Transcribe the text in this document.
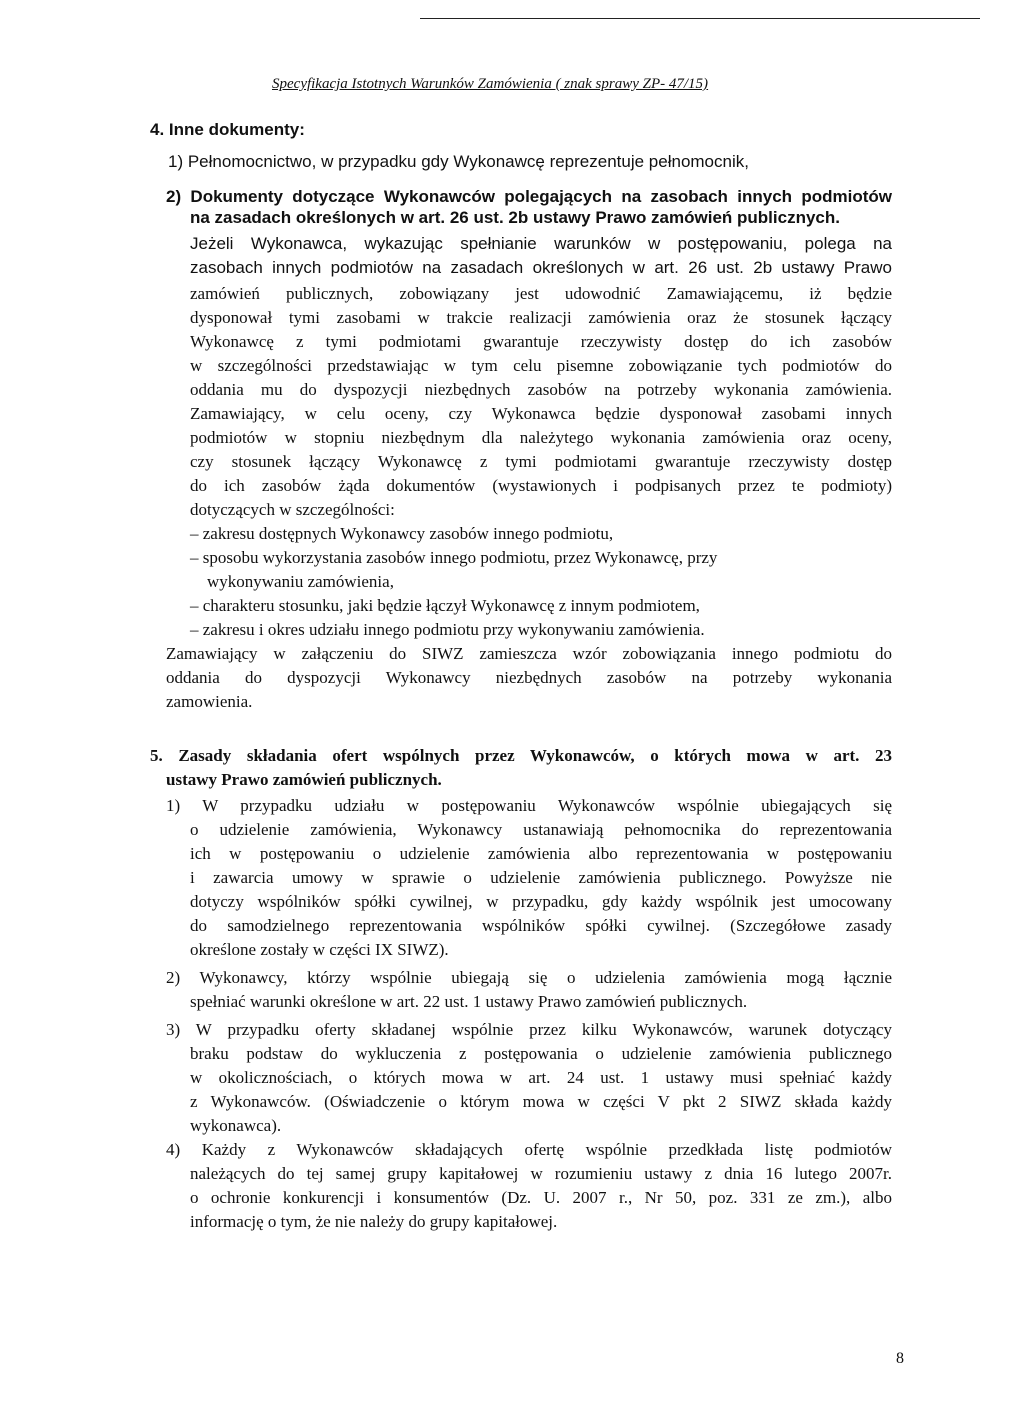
Specyfikacja Istotnych Warunków Zamówienia ( znak sprawy ZP- 47/15)
4. Inne dokumenty:
1) Pełnomocnictwo, w przypadku gdy Wykonawcę reprezentuje pełnomocnik,
2) Dokumenty dotyczące Wykonawców polegających na zasobach innych podmiotów
na zasadach określonych w art. 26 ust. 2b ustawy Prawo zamówień publicznych.
Jeżeli Wykonawca, wykazując spełnianie warunków w postępowaniu, polega na
zasobach innych podmiotów na zasadach określonych w art. 26 ust. 2b ustawy Prawo
zamówień publicznych, zobowiązany jest udowodnić Zamawiającemu, iż będzie
dysponował tymi zasobami w trakcie realizacji zamówienia oraz że stosunek łączący
Wykonawcę z tymi podmiotami gwarantuje rzeczywisty dostęp do ich zasobów
w szczególności przedstawiając w tym celu pisemne zobowiązanie tych podmiotów do
oddania mu do dyspozycji niezbędnych zasobów na potrzeby wykonania zamówienia.
Zamawiający, w celu oceny, czy Wykonawca będzie dysponował zasobami innych
podmiotów w stopniu niezbędnym dla należytego wykonania zamówienia oraz oceny,
czy stosunek łączący Wykonawcę z tymi podmiotami gwarantuje rzeczywisty dostęp
do ich zasobów żąda dokumentów (wystawionych i podpisanych przez te podmioty)
dotyczących w szczególności:
– zakresu dostępnych Wykonawcy zasobów innego podmiotu,
– sposobu wykorzystania zasobów innego podmiotu, przez Wykonawcę, przy
wykonywaniu zamówienia,
– charakteru stosunku, jaki będzie łączył Wykonawcę z innym podmiotem,
– zakresu i okres udziału innego podmiotu przy wykonywaniu zamówienia.
Zamawiający w załączeniu do SIWZ zamieszcza wzór zobowiązania innego podmiotu do
oddania do dyspozycji Wykonawcy niezbędnych zasobów na potrzeby wykonania
zamowienia.
5. Zasady składania ofert wspólnych przez Wykonawców, o których mowa w art. 23
ustawy Prawo zamówień publicznych.
1) W przypadku udziału w postępowaniu Wykonawców wspólnie ubiegających się
o udzielenie zamówienia, Wykonawcy ustanawiają pełnomocnika do reprezentowania
ich w postępowaniu o udzielenie zamówienia albo reprezentowania w postępowaniu
i zawarcia umowy w sprawie o udzielenie zamówienia publicznego. Powyższe nie
dotyczy wspólników spółki cywilnej, w przypadku, gdy każdy wspólnik jest umocowany
do samodzielnego reprezentowania wspólników spółki cywilnej. (Szczegółowe zasady
określone zostały w części IX SIWZ).
2) Wykonawcy, którzy wspólnie ubiegają się o udzielenia zamówienia mogą łącznie
spełniać warunki określone w art. 22 ust. 1 ustawy Prawo zamówień publicznych.
3) W przypadku oferty składanej wspólnie przez kilku Wykonawców, warunek dotyczący
braku podstaw do wykluczenia z postępowania o udzielenie zamówienia publicznego
w okolicznościach, o których mowa w art. 24 ust. 1 ustawy musi spełniać każdy
z Wykonawców. (Oświadczenie o którym mowa w części V pkt 2 SIWZ składa każdy
wykonawca).
4) Każdy z Wykonawców składających ofertę wspólnie przedkłada listę podmiotów
należących do tej samej grupy kapitałowej w rozumieniu ustawy z dnia 16 lutego 2007r.
o ochronie konkurencji i konsumentów (Dz. U. 2007 r., Nr 50, poz. 331 ze zm.), albo
informację o tym, że nie należy do grupy kapitałowej.
8
